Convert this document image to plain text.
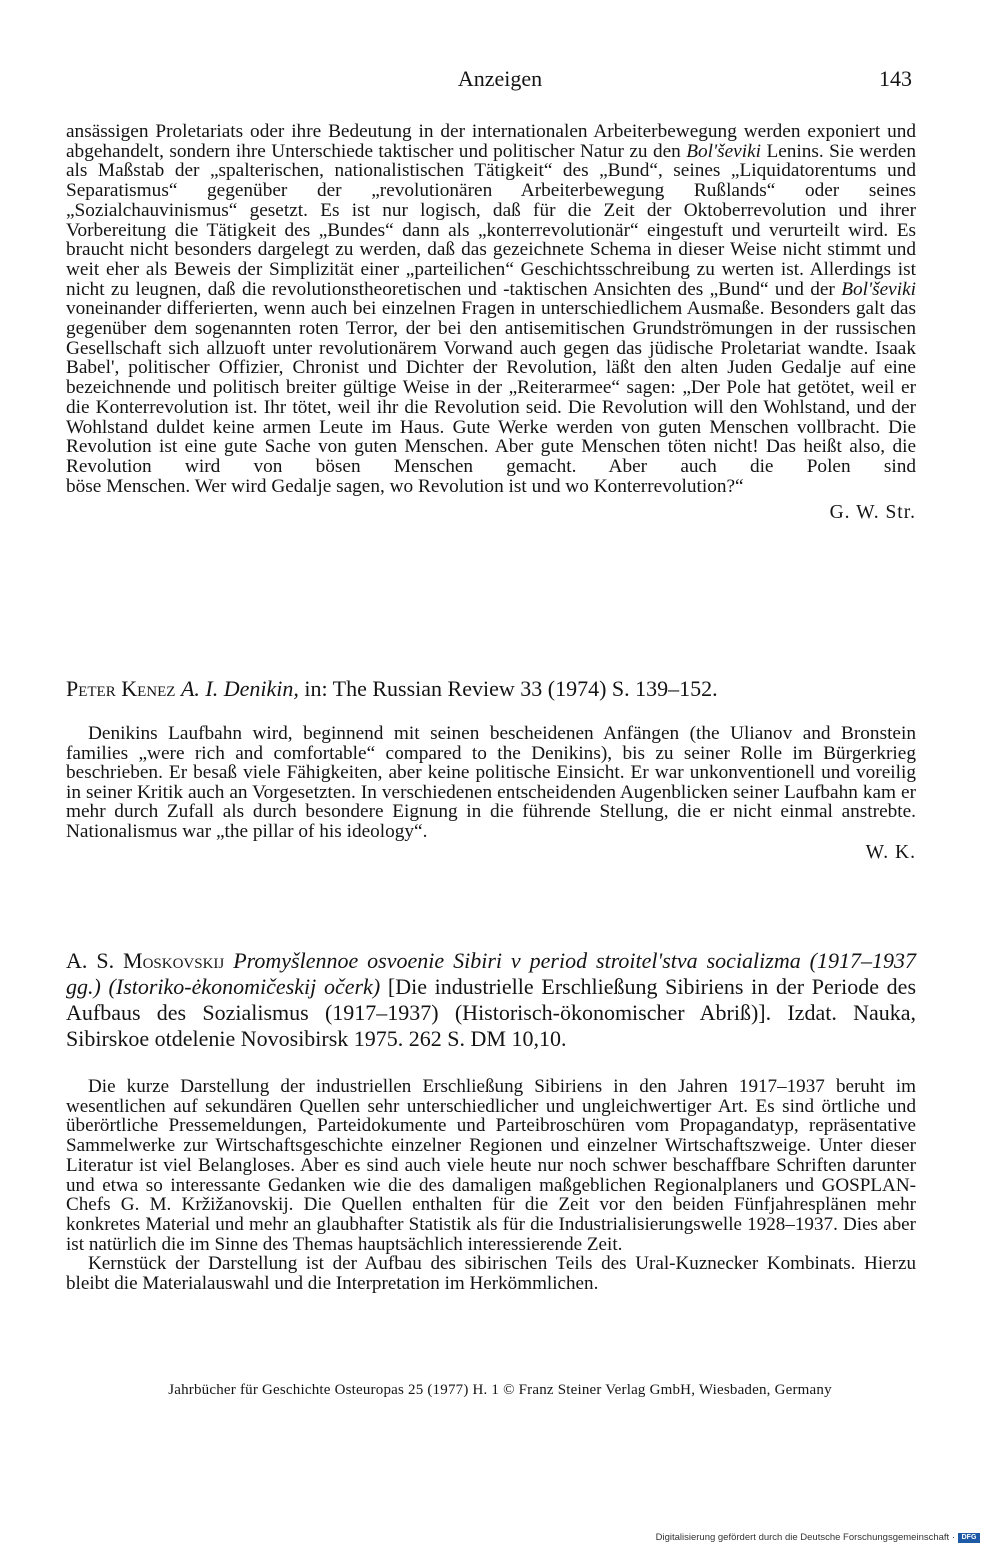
Anzeigen	143

ansässigen Proletariats oder ihre Bedeutung in der internationalen Arbeiterbewegung werden exponiert und abgehandelt, sondern ihre Unterschiede taktischer und politischer Natur zu den Bol'ševiki Lenins. Sie werden als Maßstab der „spalterischen, nationalistischen Tätigkeit“ des „Bund“, seines „Liquidatorentums und Separatismus“ gegenüber der „revolutionären Arbeiterbewegung Rußlands“ oder seines „Sozialchauvinismus“ gesetzt. Es ist nur logisch, daß für die Zeit der Oktoberrevolution und ihrer Vorbereitung die Tätigkeit des „Bundes“ dann als „konterrevolutionär“ eingestuft und verurteilt wird. Es braucht nicht besonders dargelegt zu werden, daß das gezeichnete Schema in dieser Weise nicht stimmt und weit eher als Beweis der Simplizität einer „parteilichen“ Geschichtsschreibung zu werten ist. Allerdings ist nicht zu leugnen, daß die revolutionstheoretischen und -taktischen Ansichten des „Bund“ und der Bol'ševiki voneinander differierten, wenn auch bei einzelnen Fragen in unterschiedlichem Ausmaße. Besonders galt das gegenüber dem sogenannten roten Terror, der bei den antisemitischen Grundströmungen in der russischen Gesellschaft sich allzuoft unter revolutionärem Vorwand auch gegen das jüdische Proletariat wandte. Isaak Babel', politischer Offizier, Chronist und Dichter der Revolution, läßt den alten Juden Gedalje auf eine bezeichnende und politisch breiter gültige Weise in der „Reiterarmee“ sagen: „Der Pole hat getötet, weil er die Konterrevolution ist. Ihr tötet, weil ihr die Revolution seid. Die Revolution will den Wohlstand, und der Wohlstand duldet keine armen Leute im Haus. Gute Werke werden von guten Menschen vollbracht. Die Revolution ist eine gute Sache von guten Menschen. Aber gute Menschen töten nicht! Das heißt also, die Revolution wird von bösen Menschen gemacht. Aber auch die Polen sind
böse Menschen. Wer wird Gedalje sagen, wo Revolution ist und wo Konterrevolution?“

G. W. Str.

Peter Kenez A. I. Denikin, in: The Russian Review 33 (1974) S. 139–152.

Denikins Laufbahn wird, beginnend mit seinen bescheidenen Anfängen (the Ulianov and Bronstein families „were rich and comfortable“ compared to the Denikins), bis zu seiner Rolle im Bürgerkrieg beschrieben. Er besaß viele Fähigkeiten, aber keine politische Einsicht. Er war unkonventionell und voreilig in seiner Kritik auch an Vorgesetzten. In verschiedenen entscheidenden Augenblicken seiner Laufbahn kam er mehr durch Zufall als durch besondere Eignung in die führende Stellung, die er nicht einmal anstrebte. Nationalismus war „the pillar of his ideology“.

W. K.

A. S. Moskovskij Promyšlennoe osvoenie Sibiri v period stroitel'stva socializma (1917–1937 gg.) (Istoriko-ėkonomičeskij očerk) [Die industrielle Erschließung Sibiriens in der Periode des Aufbaus des Sozialismus (1917–1937) (Historisch-ökonomischer Abriß)]. Izdat. Nauka, Sibirskoe otdelenie Novosibirsk 1975. 262 S. DM 10,10.

Die kurze Darstellung der industriellen Erschließung Sibiriens in den Jahren 1917–1937 beruht im wesentlichen auf sekundären Quellen sehr unterschiedlicher und ungleichwertiger Art. Es sind örtliche und überörtliche Pressemeldungen, Parteidokumente und Parteibroschüren vom Propagandatyp, repräsentative Sammelwerke zur Wirtschaftsgeschichte einzelner Regionen und einzelner Wirtschaftszweige. Unter dieser Literatur ist viel Belangloses. Aber es sind auch viele heute nur noch schwer beschaffbare Schriften darunter und etwa so interessante Gedanken wie die des damaligen maßgeblichen Regionalplaners und GOSPLAN-Chefs G. M. Kržižanovskij. Die Quellen enthalten für die Zeit vor den beiden Fünfjahresplänen mehr konkretes Material und mehr an glaubhafter Statistik als für die Industrialisierungswelle 1928–1937. Dies aber ist natürlich die im Sinne des Themas hauptsächlich interessierende Zeit.

Kernstück der Darstellung ist der Aufbau des sibirischen Teils des Ural-Kuznecker Kombinats. Hierzu bleibt die Materialauswahl und die Interpretation im Herkömmlichen.

Jahrbücher für Geschichte Osteuropas 25 (1977) H. 1 © Franz Steiner Verlag GmbH, Wiesbaden, Germany
Digitalisierung gefördert durch die Deutsche Forschungsgemeinschaft · DFG
